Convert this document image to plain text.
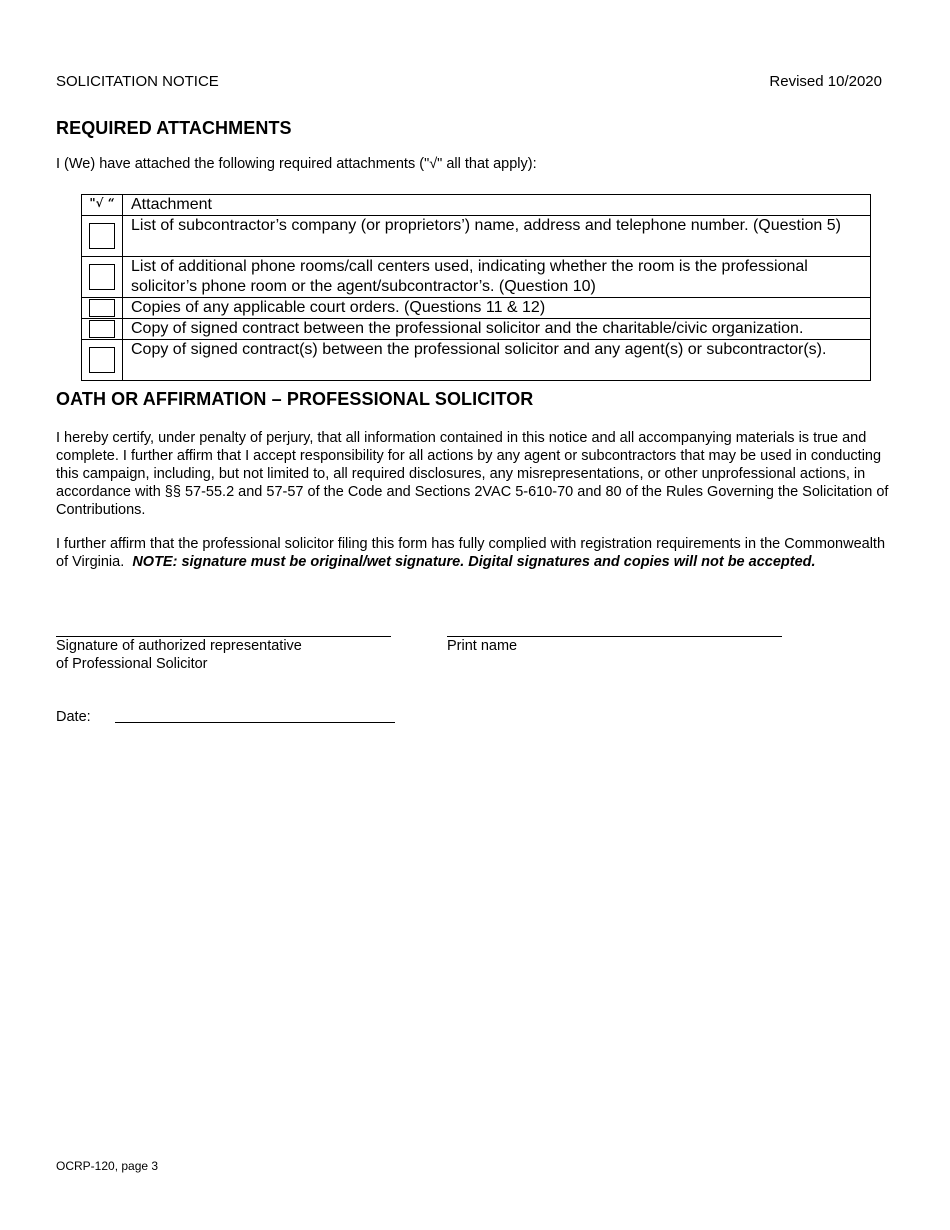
SOLICITATION NOTICE	Revised 10/2020
REQUIRED ATTACHMENTS
I (We) have attached the following required attachments ("√" all that apply):
"√ “	Attachment
	List of subcontractor’s company (or proprietors’) name, address and telephone number. (Question 5)
	List of additional phone rooms/call centers used, indicating whether the room is the professional solicitor’s phone room or the agent/subcontractor’s. (Question 10)
	Copies of any applicable court orders. (Questions 11 & 12)
	Copy of signed contract between the professional solicitor and the charitable/civic organization.
	Copy of signed contract(s) between the professional solicitor and any agent(s) or subcontractor(s).
OATH OR AFFIRMATION – PROFESSIONAL SOLICITOR
I hereby certify, under penalty of perjury, that all information contained in this notice and all accompanying materials is true and complete. I further affirm that I accept responsibility for all actions by any agent or subcontractors that may be used in conducting this campaign, including, but not limited to, all required disclosures, any misrepresentations, or other unprofessional actions, in accordance with §§ 57-55.2 and 57-57 of the Code and Sections 2VAC 5-610-70 and 80 of the Rules Governing the Solicitation of Contributions.
I further affirm that the professional solicitor filing this form has fully complied with registration requirements in the Commonwealth of Virginia. NOTE: signature must be original/wet signature. Digital signatures and copies will not be accepted.
Signature of authorized representative
of Professional Solicitor
Print name
Date:
OCRP-120, page 3
